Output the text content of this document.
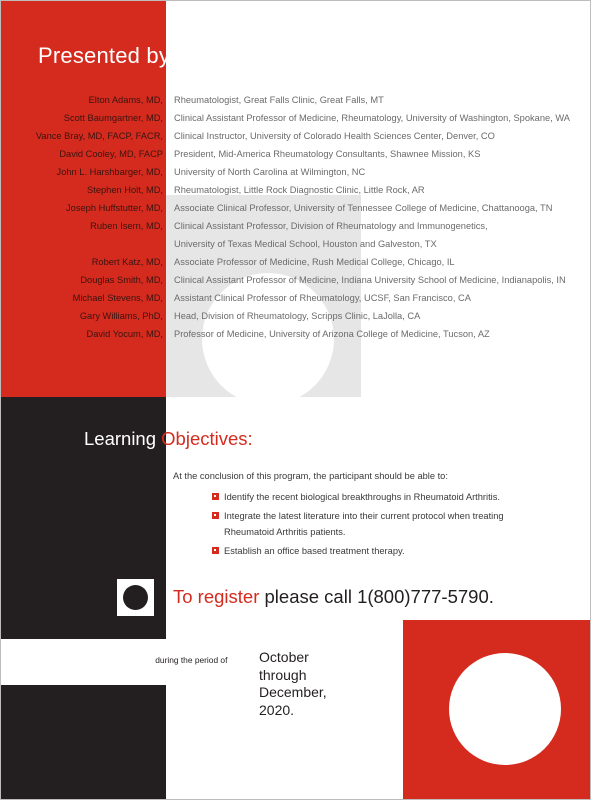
Presented by
Elton Adams, MD, Rheumatologist, Great Falls Clinic, Great Falls, MT
Scott Baumgartner, MD, Clinical Assistant Professor of Medicine, Rheumatology, University of Washington, Spokane, WA
Vance Bray, MD, FACP, FACR, Clinical Instructor, University of Colorado Health Sciences Center, Denver, CO
David Cooley, MD, FACP President, Mid-America Rheumatology Consultants, Shawnee Mission, KS
John L. Harshbarger, MD, University of North Carolina at Wilmington, NC
Stephen Holt, MD, Rheumatologist, Little Rock Diagnostic Clinic, Little Rock, AR
Joseph Huffstutter, MD, Associate Clinical Professor, University of Tennessee College of Medicine, Chattanooga, TN
Ruben Isern, MD, Clinical Assistant Professor, Division of Rheumatology and Immunogenetics,
University of Texas Medical School, Houston and Galveston, TX
Robert Katz, MD, Associate Professor of Medicine, Rush Medical College, Chicago, IL
Douglas Smith, MD, Clinical Assistant Professor of Medicine, Indiana University School of Medicine, Indianapolis, IN
Michael Stevens, MD, Assistant Clinical Professor of Rheumatology, UCSF, San Francisco, CA
Gary Williams, PhD, Head, Division of Rheumatology, Scripps Clinic, LaJolla, CA
David Yocum, MD, Professor of Medicine, University of Arizona College of Medicine, Tucson, AZ
Learning Objectives:
At the conclusion of this program, the participant should be able to:
Identify the recent biological breakthroughs in Rheumatoid Arthritis.
Integrate the latest literature into their current protocol when treating Rheumatoid Arthritis patients.
Establish an office based treatment therapy.
To register please call 1(800)777-5790.
This program will be conducted during the period of October
through
December,
2020.
